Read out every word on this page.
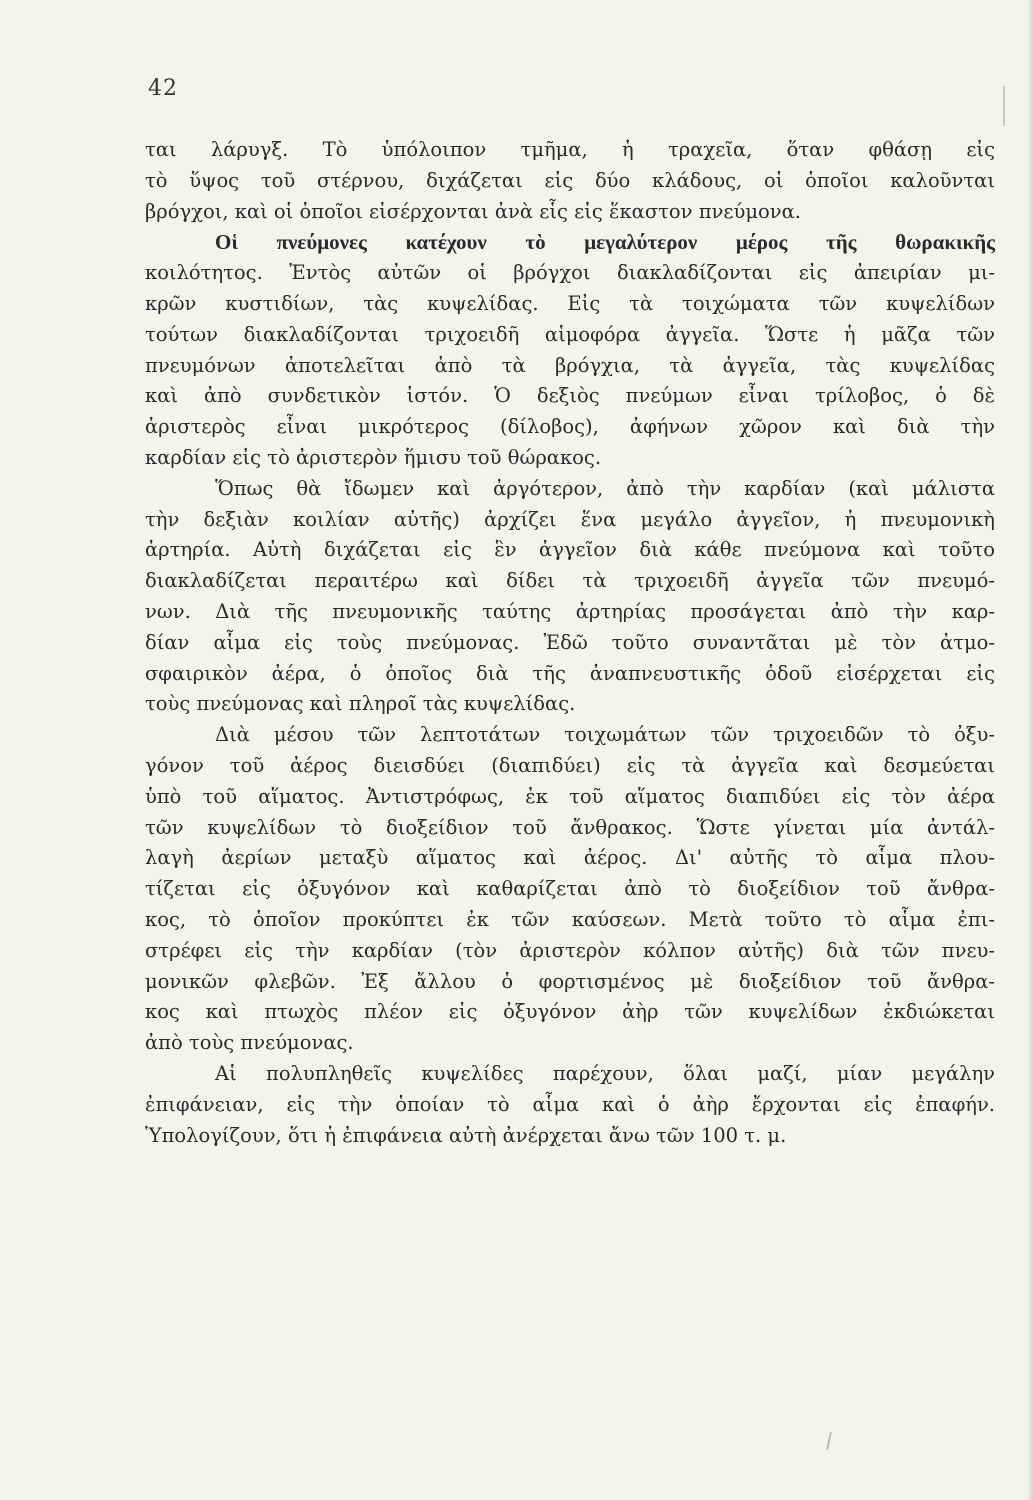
42
ται λάρυγξ. Τὸ ὑπόλοιπον τμῆμα, ἡ τραχεῖα, ὅταν φθάσῃ εἰς
τὸ ὕψος τοῦ στέρνου, διχάζεται εἰς δύο κλάδους, οἱ ὁποῖοι καλοῦνται
βρόγχοι, καὶ οἱ ὁποῖοι εἰσέρχονται ἀνὰ εἷς εἰς ἕκαστον πνεύμονα.
Οἱ πνεύμονες κατέχουν τὸ μεγαλύτερον μέρος τῆς θωρακικῆς
κοιλότητος. Ἐντὸς αὐτῶν οἱ βρόγχοι διακλαδίζονται εἰς ἀπειρίαν μι-
κρῶν κυστιδίων, τὰς κυψελίδας. Εἰς τὰ τοιχώματα τῶν κυψελίδων
τούτων διακλαδίζονται τριχοειδῆ αἱμοφόρα ἀγγεῖα. Ὥστε ἡ μᾶζα τῶν
πνευμόνων ἀποτελεῖται ἀπὸ τὰ βρόγχια, τὰ ἀγγεῖα, τὰς κυψελίδας
καὶ ἀπὸ συνδετικὸν ἱστόν. Ὁ δεξιὸς πνεύμων εἶναι τρίλοβος, ὁ δὲ
ἀριστερὸς εἶναι μικρότερος (δίλοβος), ἀφήνων χῶρον καὶ διὰ τὴν
καρδίαν εἰς τὸ ἀριστερὸν ἥμισυ τοῦ θώρακος.
Ὅπως θὰ ἴδωμεν καὶ ἀργότερον, ἀπὸ τὴν καρδίαν (καὶ μάλιστα
τὴν δεξιὰν κοιλίαν αὐτῆς) ἀρχίζει ἕνα μεγάλο ἀγγεῖον, ἡ πνευμονικὴ
ἀρτηρία. Αὐτὴ διχάζεται εἰς ἓν ἀγγεῖον διὰ κάθε πνεύμονα καὶ τοῦτο
διακλαδίζεται περαιτέρω καὶ δίδει τὰ τριχοειδῆ ἀγγεῖα τῶν πνευμό-
νων. Διὰ τῆς πνευμονικῆς ταύτης ἀρτηρίας προσάγεται ἀπὸ τὴν καρ-
δίαν αἷμα εἰς τοὺς πνεύμονας. Ἐδῶ τοῦτο συναντᾶται μὲ τὸν ἀτμο-
σφαιρικὸν ἀέρα, ὁ ὁποῖος διὰ τῆς ἀναπνευστικῆς ὁδοῦ εἰσέρχεται εἰς
τοὺς πνεύμονας καὶ πληροῖ τὰς κυψελίδας.
Διὰ μέσου τῶν λεπτοτάτων τοιχωμάτων τῶν τριχοειδῶν τὸ ὀξυ-
γόνον τοῦ ἀέρος διεισδύει (διαπιδύει) εἰς τὰ ἀγγεῖα καὶ δεσμεύεται
ὑπὸ τοῦ αἵματος. Ἀντιστρόφως, ἐκ τοῦ αἵματος διαπιδύει εἰς τὸν ἀέρα
τῶν κυψελίδων τὸ διοξείδιον τοῦ ἄνθρακος. Ὥστε γίνεται μία ἀντάλ-
λαγὴ ἀερίων μεταξὺ αἵματος καὶ ἀέρος. Δι' αὐτῆς τὸ αἷμα πλου-
τίζεται εἰς ὀξυγόνον καὶ καθαρίζεται ἀπὸ τὸ διοξείδιον τοῦ ἄνθρα-
κος, τὸ ὁποῖον προκύπτει ἐκ τῶν καύσεων. Μετὰ τοῦτο τὸ αἷμα ἐπι-
στρέφει εἰς τὴν καρδίαν (τὸν ἀριστερὸν κόλπον αὐτῆς) διὰ τῶν πνευ-
μονικῶν φλεβῶν. Ἐξ ἄλλου ὁ φορτισμένος μὲ διοξείδιον τοῦ ἄνθρα-
κος καὶ πτωχὸς πλέον εἰς ὀξυγόνον ἀὴρ τῶν κυψελίδων ἐκδιώκεται
ἀπὸ τοὺς πνεύμονας.
Αἱ πολυπληθεῖς κυψελίδες παρέχουν, ὅλαι μαζί, μίαν μεγάλην
ἐπιφάνειαν, εἰς τὴν ὁποίαν τὸ αἷμα καὶ ὁ ἀὴρ ἔρχονται εἰς ἐπαφήν.
Ὑπολογίζουν, ὅτι ἡ ἐπιφάνεια αὐτὴ ἀνέρχεται ἄνω τῶν 100 τ. μ.
